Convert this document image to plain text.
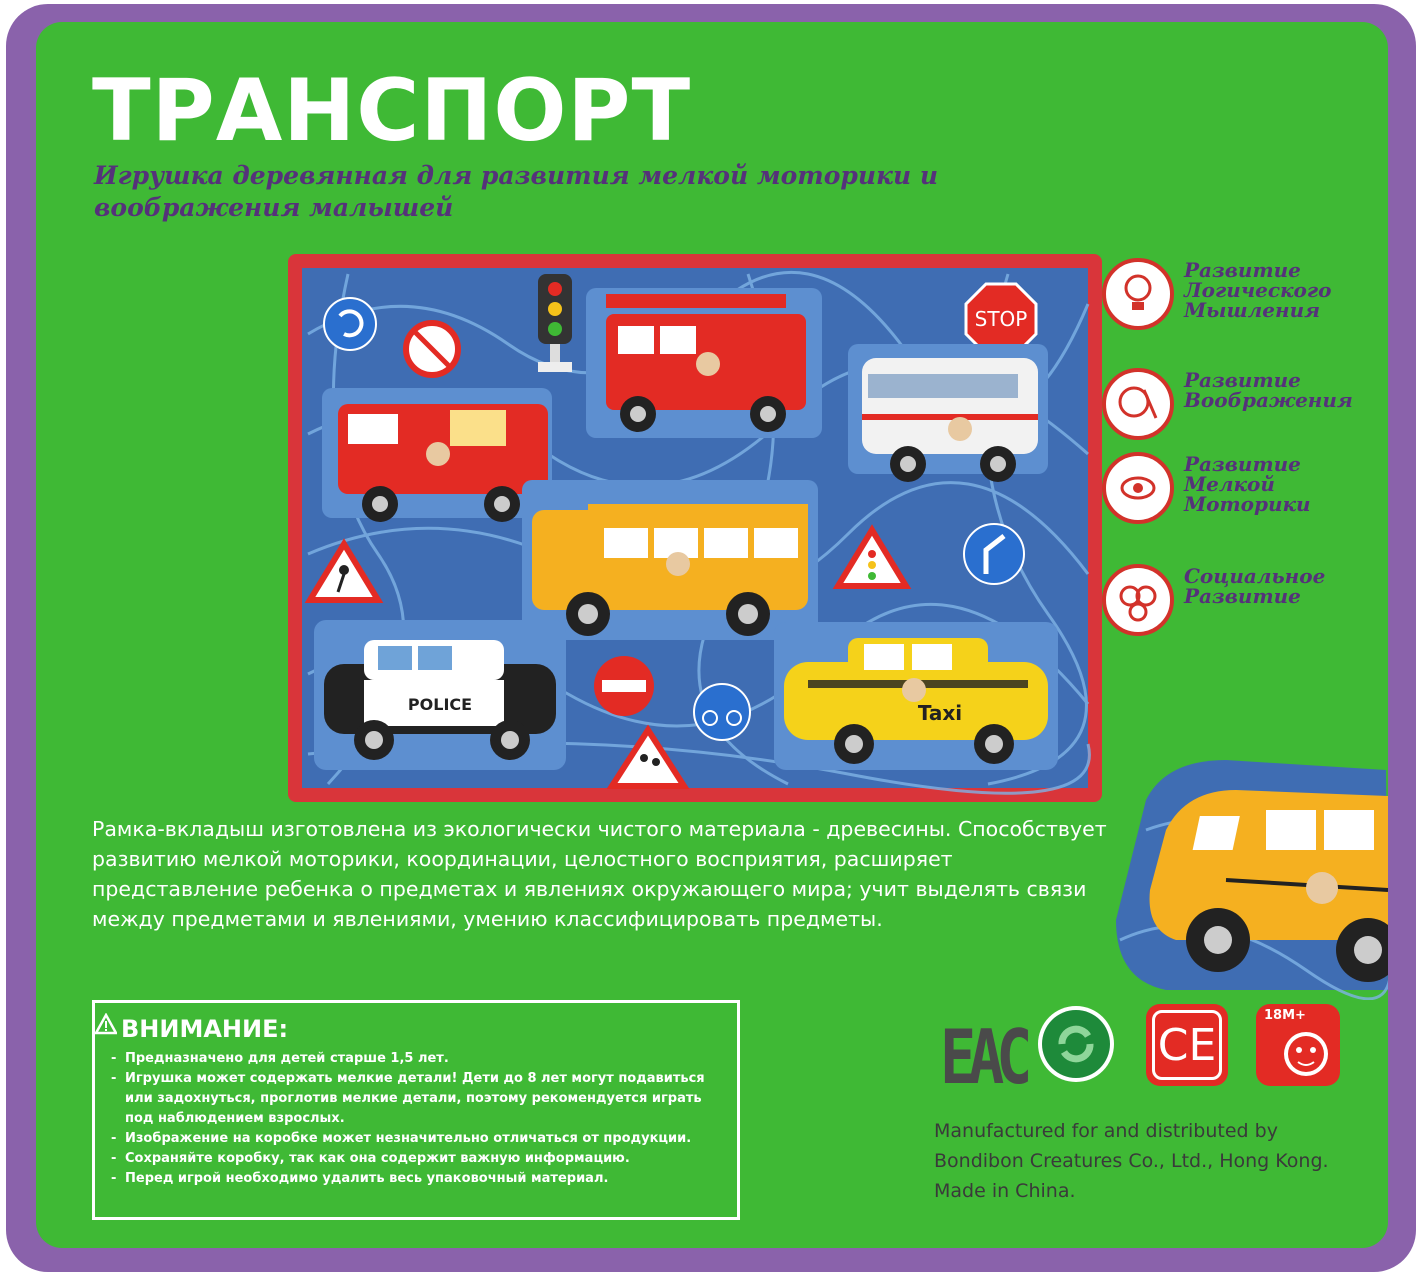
ТРАНСПОРТ
Игрушка деревянная для развития мелкой моторики и воображения малышей
STOP
POLICE	Taxi
Развитие
Логического
Мышления
Развитие
Воображения
Развитие
Мелкой
Моторики
Социальное
Развитие
Рамка-вкладыш изготовлена из экологически чистого материала - древесины. Способствует развитию мелкой моторики, координации, целостного восприятия, расширяет представление ребенка о предметах и явлениях окружающего мира; учит выделять связи между предметами и явлениями, умению классифицировать предметы.
ВНИМАНИЕ:
- Предназначено для детей старше 1,5 лет.
- Игрушка может содержать мелкие детали! Дети до 8 лет могут подавиться или задохнуться, проглотив мелкие детали, поэтому рекомендуется играть под наблюдением взрослых.
- Изображение на коробке может незначительно отличаться от продукции.
- Сохраняйте коробку, так как она содержит важную информацию.
- Перед игрой необходимо удалить весь упаковочный материал.
ЕАС	CE
18M+
Manufactured for and distributed by
Bondibon Creatures Co., Ltd., Hong Kong.
Made in China.
